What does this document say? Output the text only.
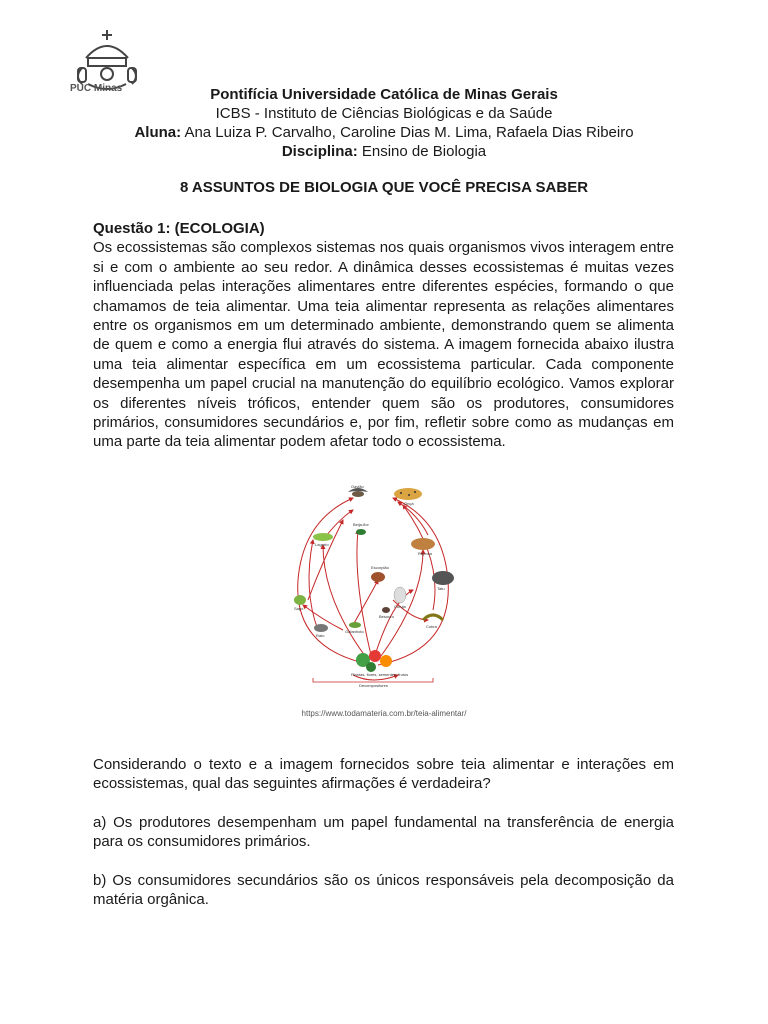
PUC Minas	Pontifícia Universidade Católica de Minas Gerais
ICBS - Instituto de Ciências Biológicas e da Saúde
Aluna: Ana Luiza P. Carvalho, Caroline Dias M. Lima, Rafaela Dias Ribeiro
Disciplina: Ensino de Biologia
8 ASSUNTOS DE BIOLOGIA QUE VOCÊ PRECISA SABER

Questão 1: (ECOLOGIA)

Os ecossistemas são complexos sistemas nos quais organismos vivos interagem entre si e com o ambiente ao seu redor. A dinâmica desses ecossistemas é muitas vezes influenciada pelas interações alimentares entre diferentes espécies, formando o que chamamos de teia alimentar. Uma teia alimentar representa as relações alimentares entre os organismos em um determinado ambiente, demonstrando quem se alimenta de quem e como a energia flui através do sistema. A imagem fornecida abaixo ilustra uma teia alimentar específica em um ecossistema particular. Cada componente desempenha um papel crucial na manutenção do equilíbrio ecológico. Vamos explorar os diferentes níveis tróficos, entender quem são os produtores, consumidores primários, consumidores secundários e, por fim, refletir sobre como as mudanças em uma parte da teia alimentar podem afetar todo o ecossistema.

Gavião
Onça
Beija-flor
Lagarto
Escorpião
Raposa
Sapo
Besouro
Coruja
Gafanhoto
Cobra
Rato
Tatu
Plantas, flores, sementes, frutos
Decompositores
https://www.todamateria.com.br/teia-alimentar/

Considerando o texto e a imagem fornecidos sobre teia alimentar e interações em ecossistemas, qual das seguintes afirmações é verdadeira?

a) Os produtores desempenham um papel fundamental na transferência de energia para os consumidores primários.

b) Os consumidores secundários são os únicos responsáveis pela decomposição da matéria orgânica.
